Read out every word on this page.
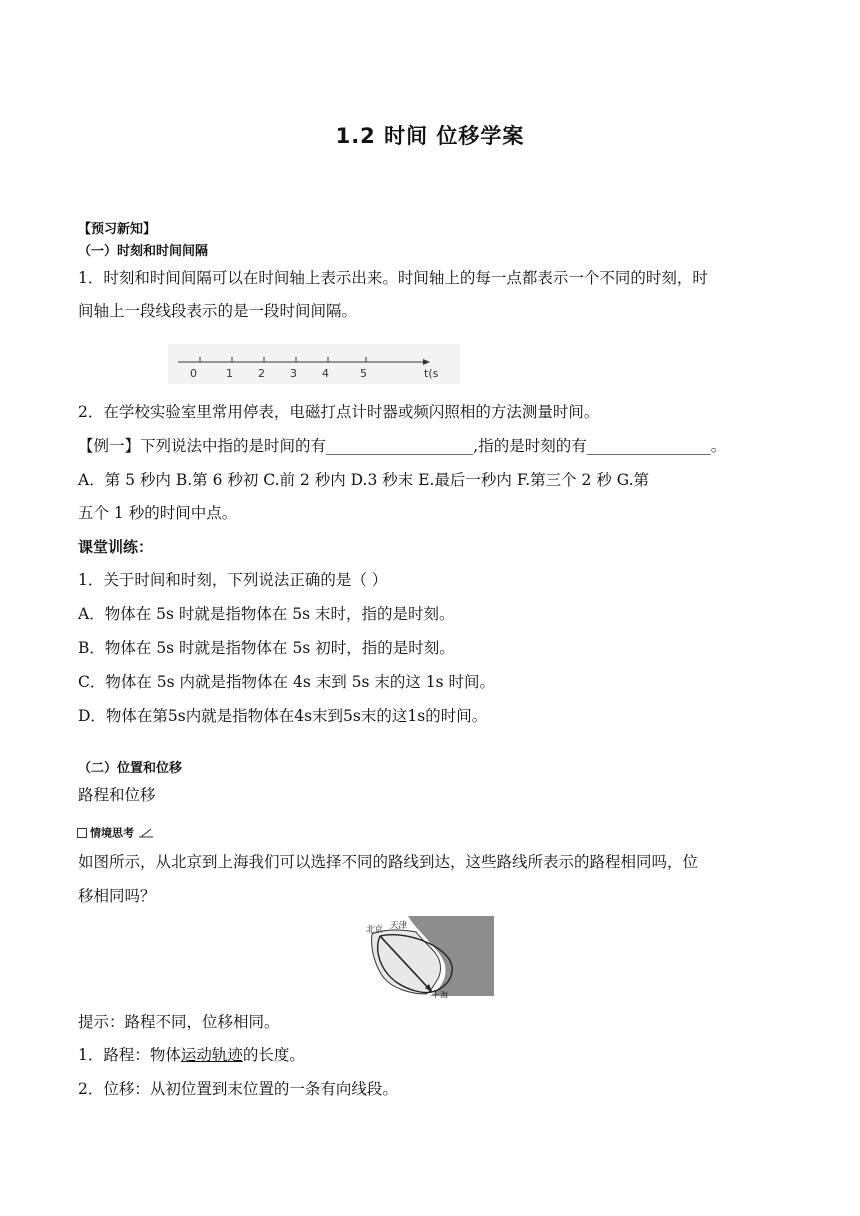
1.2 时间 位移学案
【预习新知】
（一）时刻和时间间隔
1．时刻和时间间隔可以在时间轴上表示出来。时间轴上的每一点都表示一个不同的时刻，时
间轴上一段线段表示的是一段时间间隔。
0	1 2 3 4	5	t(s
2．在学校实验室里常用停表，电磁打点计时器或频闪照相的方法测量时间。
【例一】下列说法中指的是时间的有___________________,指的是时刻的有________________。
A．第 5 秒内 B.第 6 秒初 C.前 2 秒内 D.3 秒末 E.最后一秒内 F.第三个 2 秒 G.第
五个 1 秒的时间中点。
课堂训练：
1．关于时间和时刻，下列说法正确的是（ ）
A．物体在 5s 时就是指物体在 5s 末时，指的是时刻。
B．物体在 5s 时就是指物体在 5s 初时，指的是时刻。
C．物体在 5s 内就是指物体在 4s 末到 5s 末的这 1s 时间。
D．物体在第5s内就是指物体在4s末到5s末的这1s的时间。
（二）位置和位移
路程和位移
情境思考
如图所示，从北京到上海我们可以选择不同的路线到达，这些路线所表示的路程相同吗，位
移相同吗？
北京 天津
上海
提示：路程不同，位移相同。
1．路程：物体运动轨迹的长度。
2．位移：从初位置到末位置的一条有向线段。
